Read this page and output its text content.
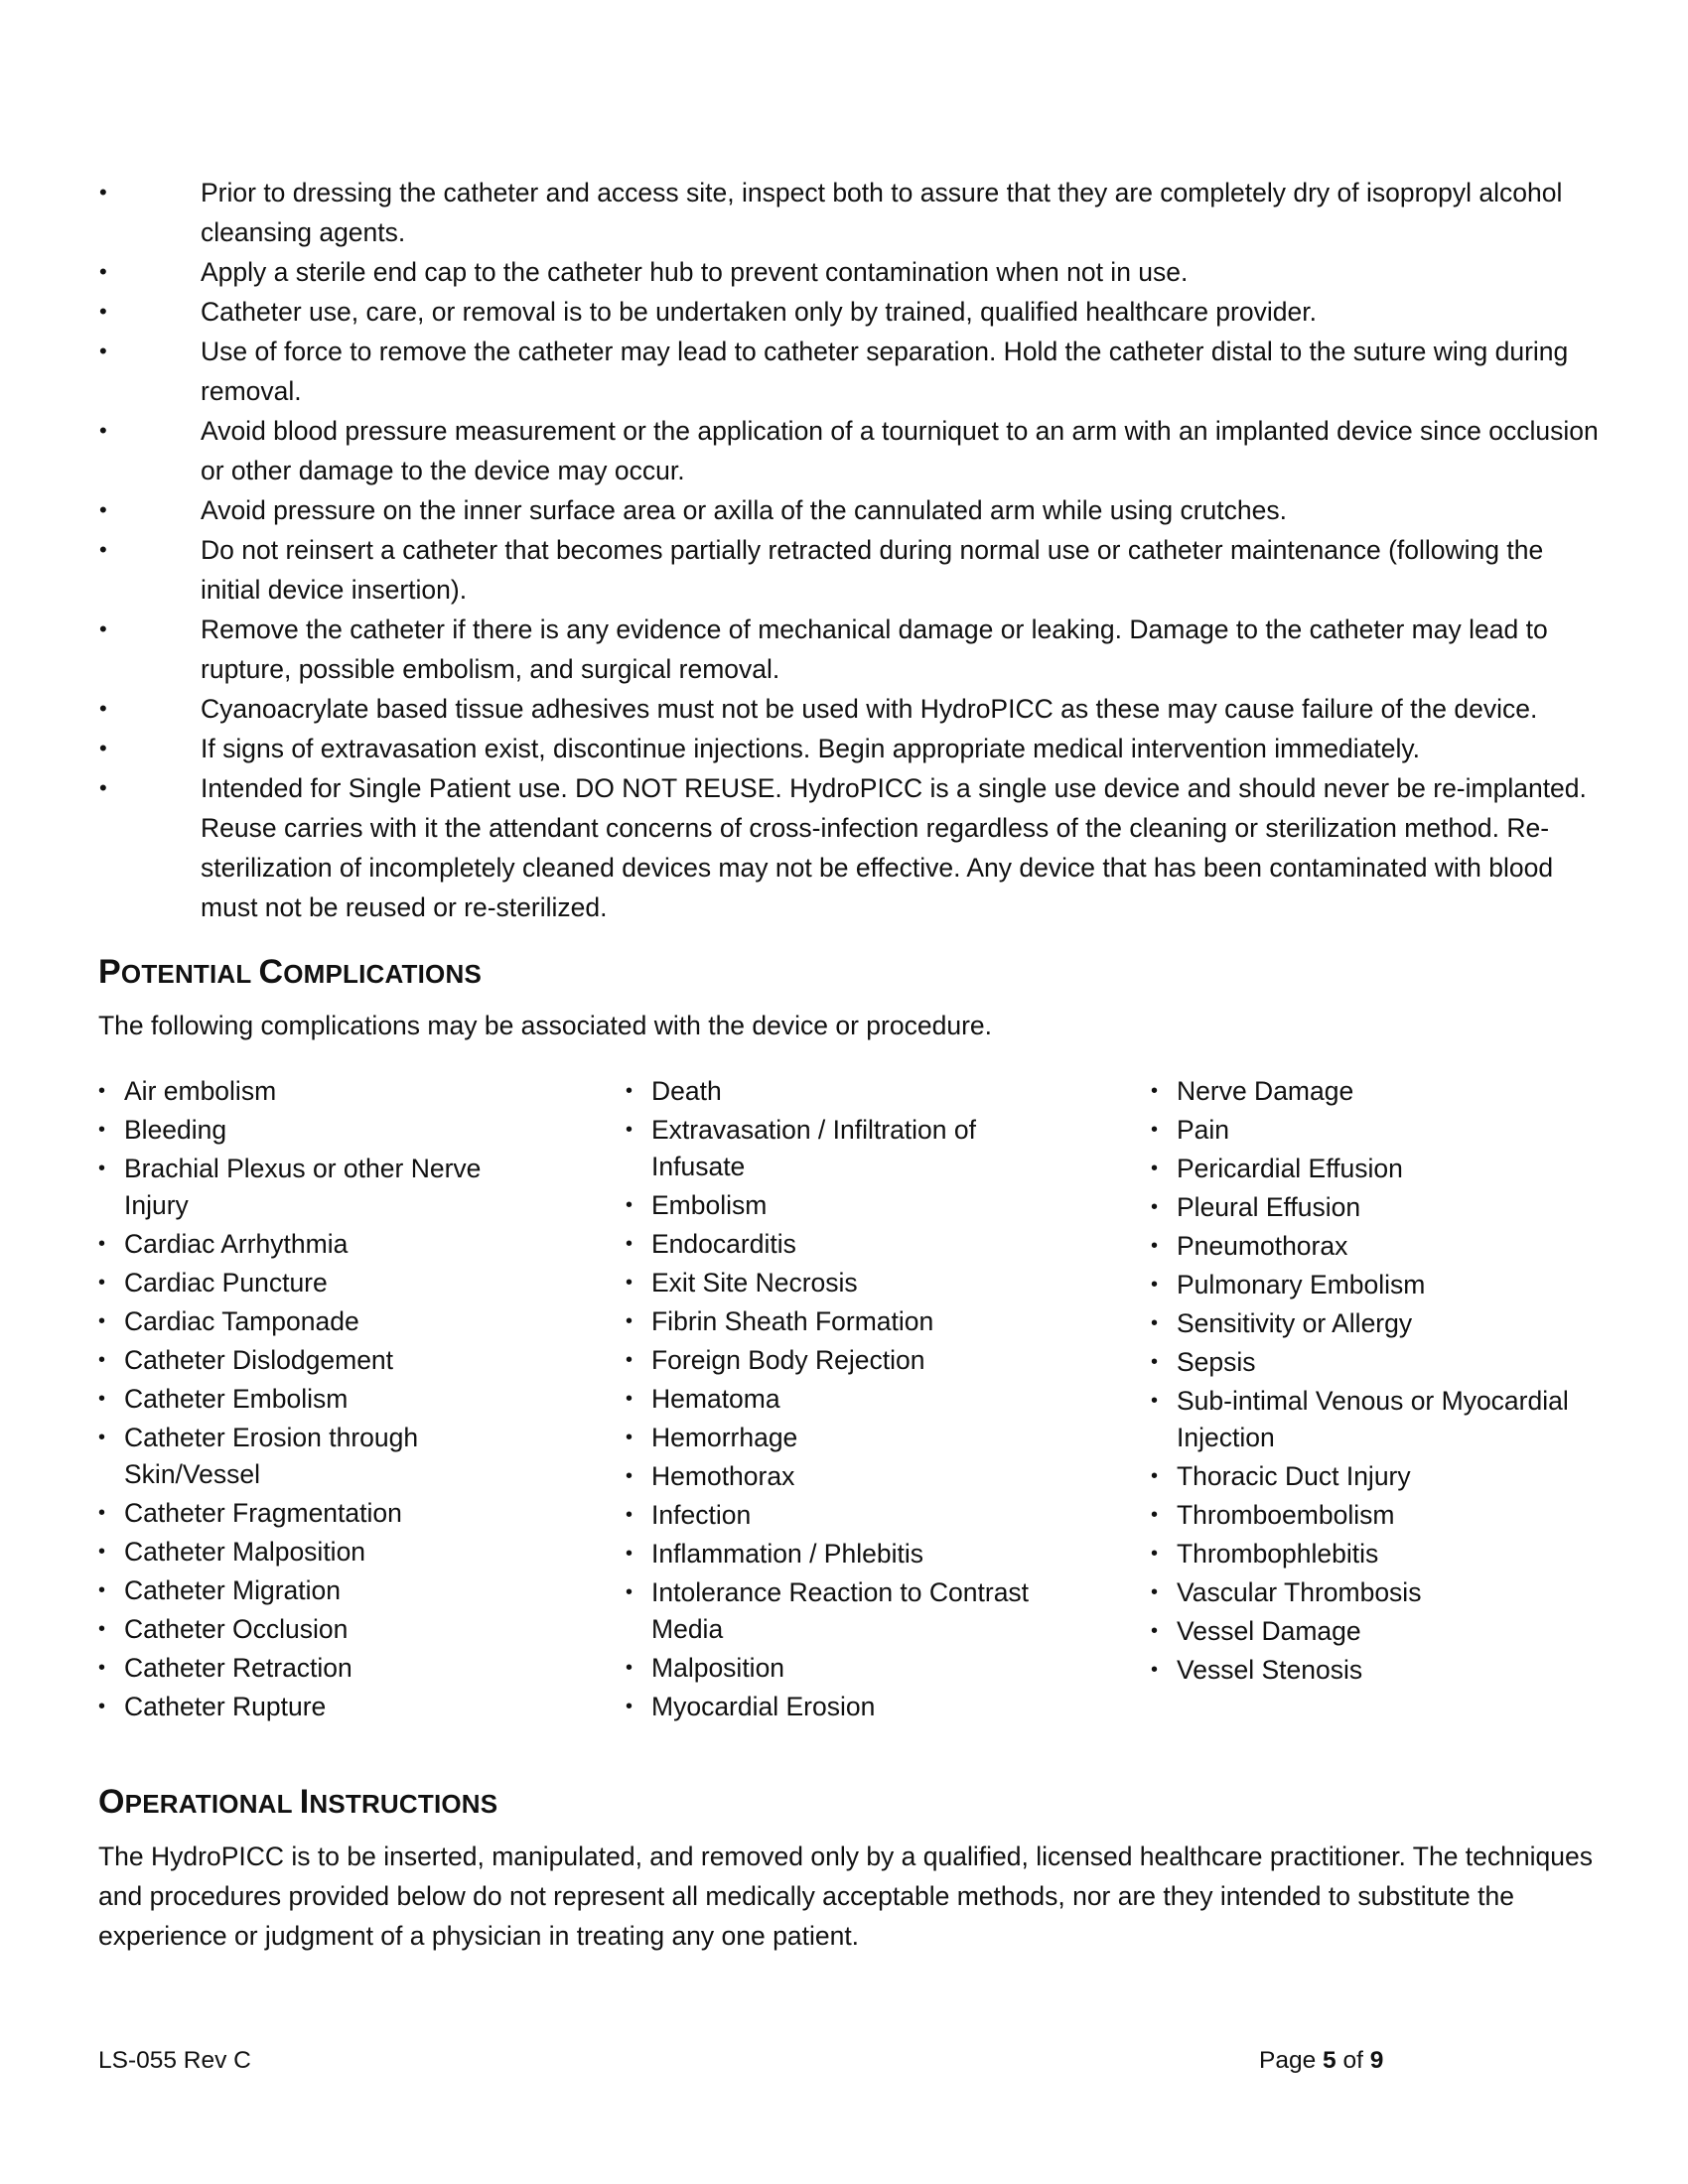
•	Prior to dressing the catheter and access site, inspect both to assure that they are completely dry of isopropyl alcohol cleansing agents.
•	Apply a sterile end cap to the catheter hub to prevent contamination when not in use.
•	Catheter use, care, or removal is to be undertaken only by trained, qualified healthcare provider.
•	Use of force to remove the catheter may lead to catheter separation. Hold the catheter distal to the suture wing during removal.
•	Avoid blood pressure measurement or the application of a tourniquet to an arm with an implanted device since occlusion or other damage to the device may occur.
•	Avoid pressure on the inner surface area or axilla of the cannulated arm while using crutches.
•	Do not reinsert a catheter that becomes partially retracted during normal use or catheter maintenance (following the initial device insertion).
•	Remove the catheter if there is any evidence of mechanical damage or leaking. Damage to the catheter may lead to rupture, possible embolism, and surgical removal.
•	Cyanoacrylate based tissue adhesives must not be used with HydroPICC as these may cause failure of the device.
•	If signs of extravasation exist, discontinue injections. Begin appropriate medical intervention immediately.
•	Intended for Single Patient use. DO NOT REUSE. HydroPICC is a single use device and should never be re-implanted. Reuse carries with it the attendant concerns of cross-infection regardless of the cleaning or sterilization method. Re-sterilization of incompletely cleaned devices may not be effective. Any device that has been contaminated with blood must not be reused or re-sterilized.
POTENTIAL COMPLICATIONS
The following complications may be associated with the device or procedure.
• Air embolism
• Bleeding
• Brachial Plexus or other Nerve Injury
• Cardiac Arrhythmia
• Cardiac Puncture
• Cardiac Tamponade
• Catheter Dislodgement
• Catheter Embolism
• Catheter Erosion through Skin/Vessel
• Catheter Fragmentation
• Catheter Malposition
• Catheter Migration
• Catheter Occlusion
• Catheter Retraction
• Catheter Rupture
• Death
• Extravasation / Infiltration of Infusate
• Embolism
• Endocarditis
• Exit Site Necrosis
• Fibrin Sheath Formation
• Foreign Body Rejection
• Hematoma
• Hemorrhage
• Hemothorax
• Infection
• Inflammation / Phlebitis
• Intolerance Reaction to Contrast Media
• Malposition
• Myocardial Erosion
• Nerve Damage
• Pain
• Pericardial Effusion
• Pleural Effusion
• Pneumothorax
• Pulmonary Embolism
• Sensitivity or Allergy
• Sepsis
• Sub-intimal Venous or Myocardial Injection
• Thoracic Duct Injury
• Thromboembolism
• Thrombophlebitis
• Vascular Thrombosis
• Vessel Damage
• Vessel Stenosis
OPERATIONAL INSTRUCTIONS
The HydroPICC is to be inserted, manipulated, and removed only by a qualified, licensed healthcare practitioner. The techniques and procedures provided below do not represent all medically acceptable methods, nor are they intended to substitute the experience or judgment of a physician in treating any one patient.
LS-055 Rev C	Page 5 of 9
